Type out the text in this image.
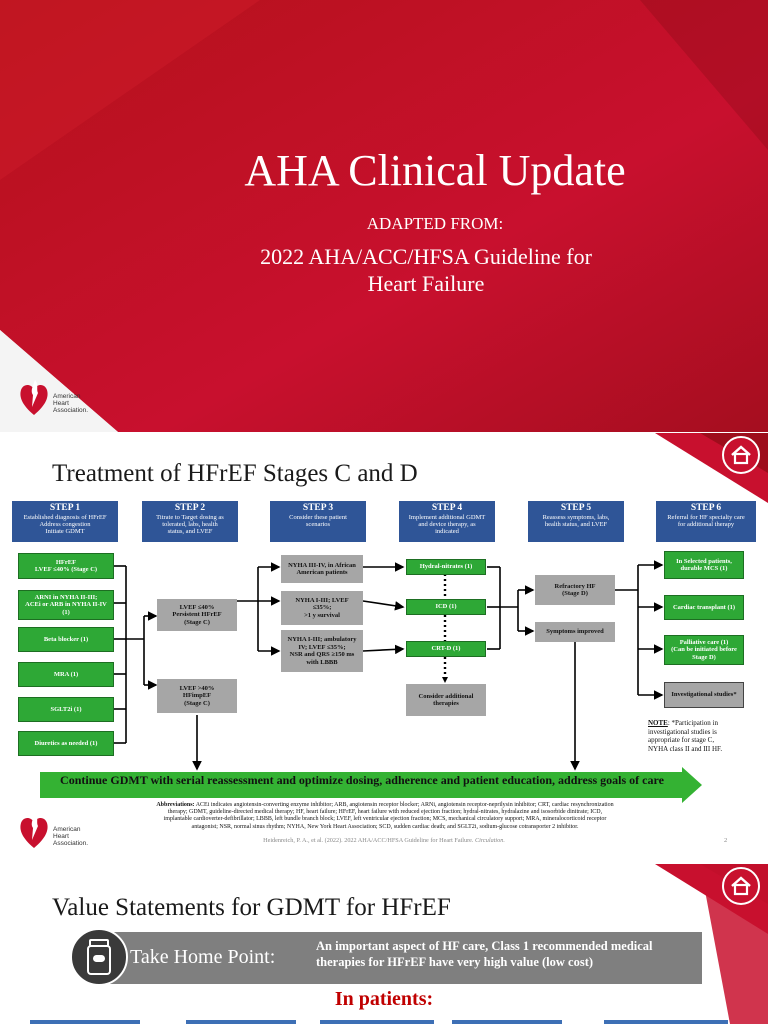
AHA Clinical Update
ADAPTED FROM:
2022 AHA/ACC/HFSA Guideline for
Heart Failure
American
Heart
Association.
Treatment of HFrEF Stages C and D
STEP 1
Established diagnosis of HFrEF
Address congestion
Initiate GDMT
STEP 2
Titrate to Target dosing as
tolerated, labs, health
status, and LVEF
STEP 3
Consider these patient
scenarios
STEP 4
Implement additional GDMT
and device therapy, as
indicated
STEP 5
Reassess symptoms, labs,
health status, and LVEF
STEP 6
Referral for HF specialty care
for additional therapy
HFrEF
LVEF ≤40% (Stage C)
ARNI in NYHA II-III;
ACEi or ARB in NYHA II-IV
(1)
Beta blocker (1)
MRA (1)
SGLT2i (1)
Diuretics as needed (1)
LVEF ≤40%
Persistent HFrEF
(Stage C)
LVEF >40%
HFimpEF
(Stage C)
NYHA III-IV, in African
American patients
NYHA I-III; LVEF
≤35%;
>1 y survival
NYHA I-III; ambulatory
IV; LVEF ≤35%;
NSR and QRS ≥150 ms
with LBBB
Hydral-nitrates (1)
ICD (1)
CRT-D (1)
Consider additional
therapies
Refractory HF
(Stage D)
Symptoms improved
In Selected patients,
durable MCS (1)
Cardiac transplant (1)
Palliative care (1)
(Can be initiated before
Stage D)
Investigational studies*
NOTE: *Participation in
investigational studies is
appropriate for stage C,
NYHA class II and III HF.
Continue GDMT with serial reassessment and optimize dosing, adherence and patient education, address goals of care
Abbreviations: ACEi indicates angiotensin-converting enzyme inhibitor; ARB, angiotensin receptor blocker; ARNi, angiotensin receptor-neprilysin inhibitor; CRT, cardiac resynchronization
therapy; GDMT, guideline-directed medical therapy; HF, heart failure; HFrEF, heart failure with reduced ejection fraction; hydral-nitrates, hydralazine and isosorbide dinitrate; ICD,
implantable cardioverter-defibrillator; LBBB, left bundle branch block; LVEF, left ventricular ejection fraction; MCS, mechanical circulatory support; MRA, mineralocorticoid receptor
antagonist; NSR, normal sinus rhythm; NYHA, New York Heart Association; SCD, sudden cardiac death; and SGLT2i, sodium-glucose cotransporter 2 inhibitor.
Heidenreich, P. A., et al. (2022). 2022 AHA/ACC/HFSA Guideline for Heart Failure. Circulation.	2
American
Heart
Association.
Value Statements for GDMT for HFrEF
Take Home Point:	An important aspect of HF care, Class 1 recommended medical therapies for HFrEF have very high value (low cost)
In patients:
